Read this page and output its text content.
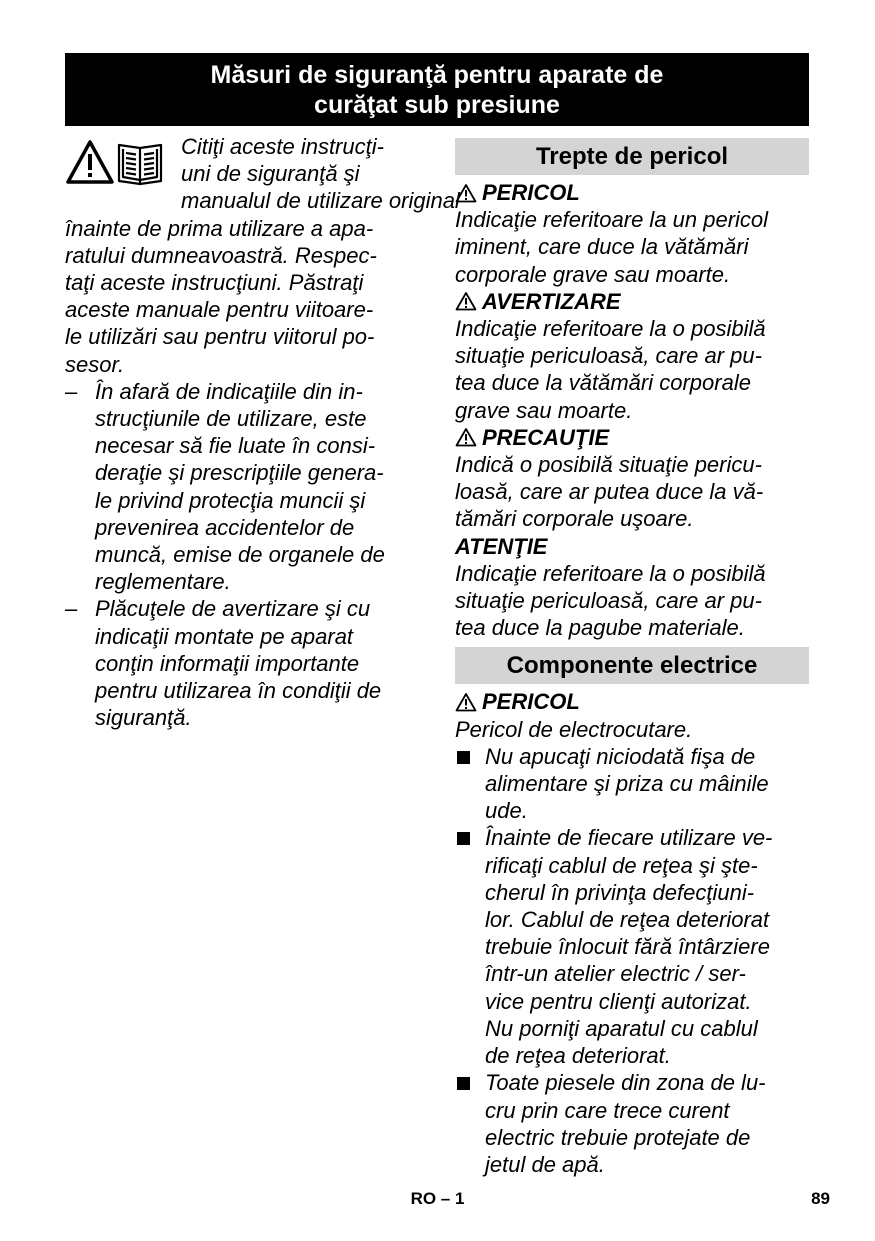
Măsuri de siguranţă pentru aparate de
curăţat sub presiune
Citiţi aceste instrucţi-
uni de siguranţă şi
manualul de utilizare original
înainte de prima utilizare a apa-
ratului dumneavoastră. Respec-
taţi aceste instrucţiuni. Păstraţi
aceste manuale pentru viitoare-
le utilizări sau pentru viitorul po-
sesor.
– În afară de indicaţiile din in-
strucţiunile de utilizare, este
necesar să fie luate în consi-
deraţie şi prescripţiile genera-
le privind protecţia muncii şi
prevenirea accidentelor de
muncă, emise de organele de
reglementare.
– Plăcuţele de avertizare şi cu
indicaţii montate pe aparat
conţin informaţii importante
pentru utilizarea în condiţii de
siguranţă.
Trepte de pericol
PERICOL
Indicaţie referitoare la un pericol
iminent, care duce la vătămări
corporale grave sau moarte.
AVERTIZARE
Indicaţie referitoare la o posibilă
situaţie periculoasă, care ar pu-
tea duce la vătămări corporale
grave sau moarte.
PRECAUŢIE
Indică o posibilă situaţie pericu-
loasă, care ar putea duce la vă-
tămări corporale uşoare.
ATENŢIE
Indicaţie referitoare la o posibilă
situaţie periculoasă, care ar pu-
tea duce la pagube materiale.
Componente electrice
PERICOL
Pericol de electrocutare.
Nu apucaţi niciodată fişa de
alimentare şi priza cu mâinile
ude.
Înainte de fiecare utilizare ve-
rificaţi cablul de reţea şi şte-
cherul în privinţa defecţiuni-
lor. Cablul de reţea deteriorat
trebuie înlocuit fără întârziere
într-un atelier electric / ser-
vice pentru clienţi autorizat.
Nu porniţi aparatul cu cablul
de reţea deteriorat.
Toate piesele din zona de lu-
cru prin care trece curent
electric trebuie protejate de
jetul de apă.
RO – 1	89
